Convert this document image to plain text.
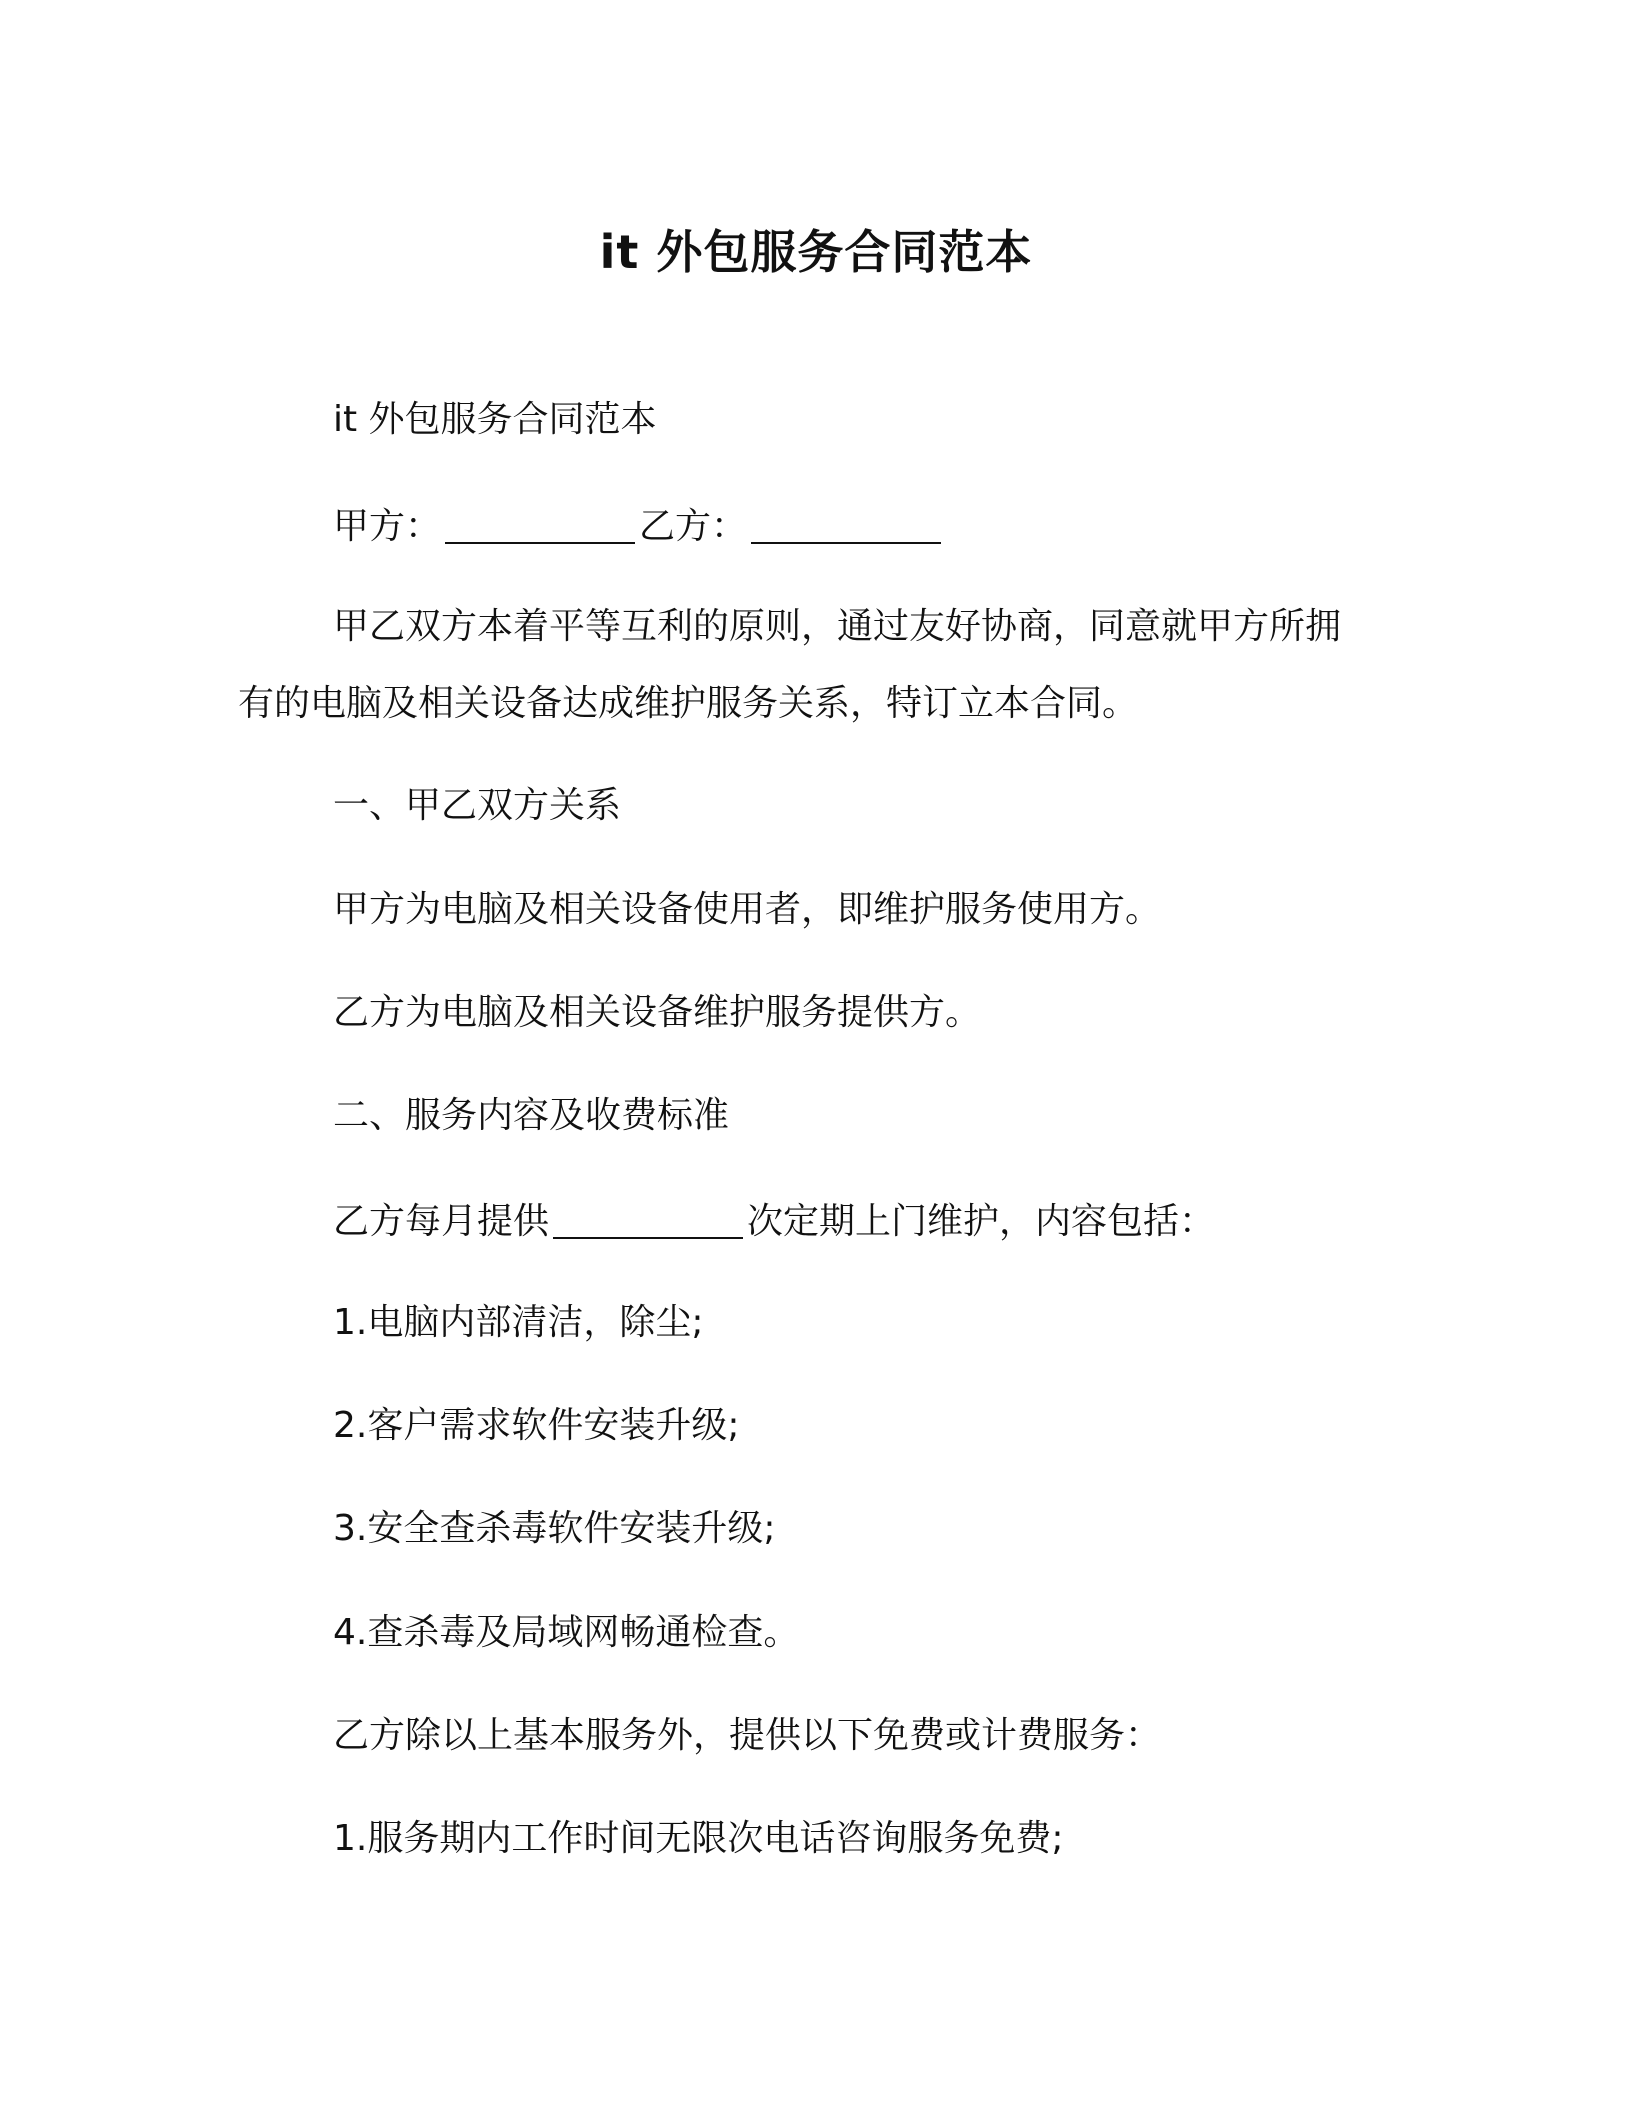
it 外包服务合同范本
it 外包服务合同范本
甲方：	乙方：
甲乙双方本着平等互利的原则，通过友好协商，同意就甲方所拥
有的电脑及相关设备达成维护服务关系，特订立本合同。
一、甲乙双方关系
甲方为电脑及相关设备使用者，即维护服务使用方。
乙方为电脑及相关设备维护服务提供方。
二、服务内容及收费标准
乙方每月提供	次定期上门维护，内容包括：
1.电脑内部清洁，除尘;
2.客户需求软件安装升级;
3.安全查杀毒软件安装升级;
4.查杀毒及局域网畅通检查。
乙方除以上基本服务外，提供以下免费或计费服务：
1.服务期内工作时间无限次电话咨询服务免费;
